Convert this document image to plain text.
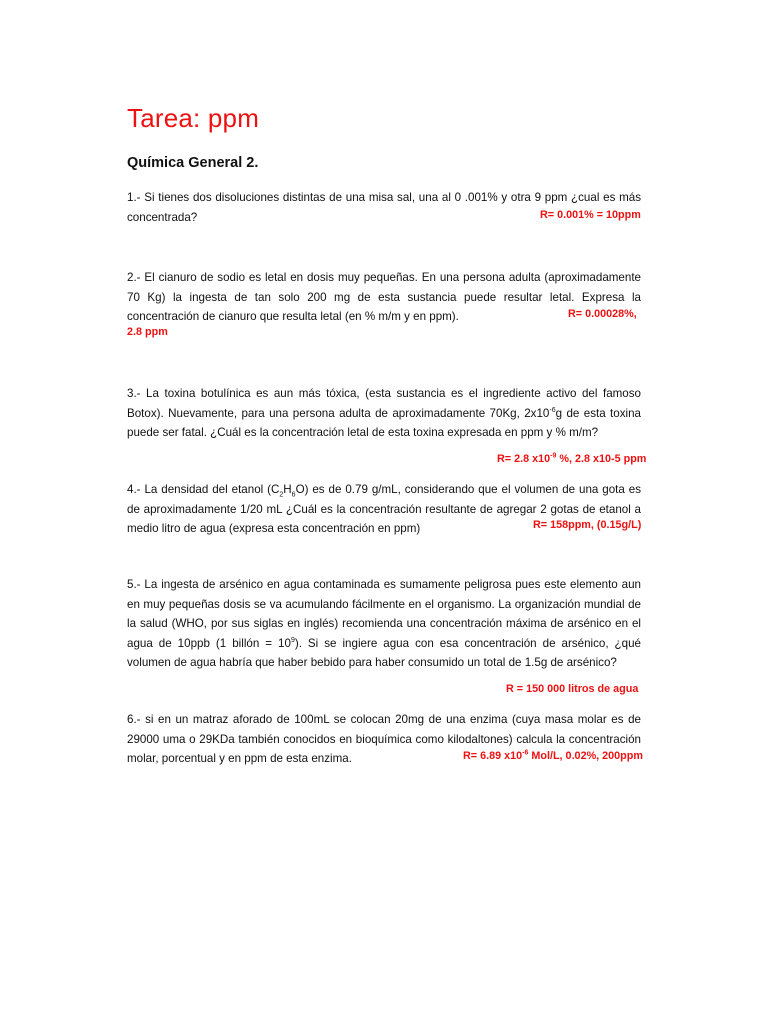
Tarea: ppm
Química General 2.

1.- Si tienes dos disoluciones distintas de una misa sal, una al 0 .001% y otra 9 ppm ¿cual es más concentrada?	R= 0.001% = 10ppm

2.- El cianuro de sodio es letal en dosis muy pequeñas. En una persona adulta (aproximadamente 70 Kg) la ingesta de tan solo 200 mg de esta sustancia puede resultar letal. Expresa la concentración de cianuro que resulta letal (en % m/m y en ppm).	R= 0.00028%,

2.8 ppm

3.- La toxina botulínica es aun más tóxica, (esta sustancia es el ingrediente activo del famoso Botox). Nuevamente, para una persona adulta de aproximadamente 70Kg, $2x10^{-6}g$ de esta toxina puede ser fatal. ¿Cuál es la concentración letal de esta toxina expresada en ppm y % m/m?

R= 2.8 $x10^{-9}$ %, 2.8 x10-5 ppm

4.- La densidad del etanol $(C_2H_6O)$ es de 0.79 g/mL, considerando que el volumen de una gota es de aproximadamente 1/20 mL ¿Cuál es la concentración resultante de agregar 2 gotas de etanol a medio litro de agua (expresa esta concentración en ppm)	R= 158ppm, (0.15g/L)

5.- La ingesta de arsénico en agua contaminada es sumamente peligrosa pues este elemento aun en muy pequeñas dosis se va acumulando fácilmente en el organismo. La organización mundial de la salud (WHO, por sus siglas en inglés) recomienda una concentración máxima de arsénico en el agua de 10ppb (1 billón = $10^9$). Si se ingiere agua con esa concentración de arsénico, ¿qué volumen de agua habría que haber bebido para haber consumido un total de 1.5g de arsénico?

R = 150 000 litros de agua

6.- si en un matraz aforado de 100mL se colocan 20mg de una enzima (cuya masa molar es de 29000 uma o 29KDa también conocidos en bioquímica como kilodaltones) calcula la concentración molar, porcentual y en ppm de esta enzima.	R= 6.89 $x10^{-6}$ Mol/L, 0.02%, 200ppm
